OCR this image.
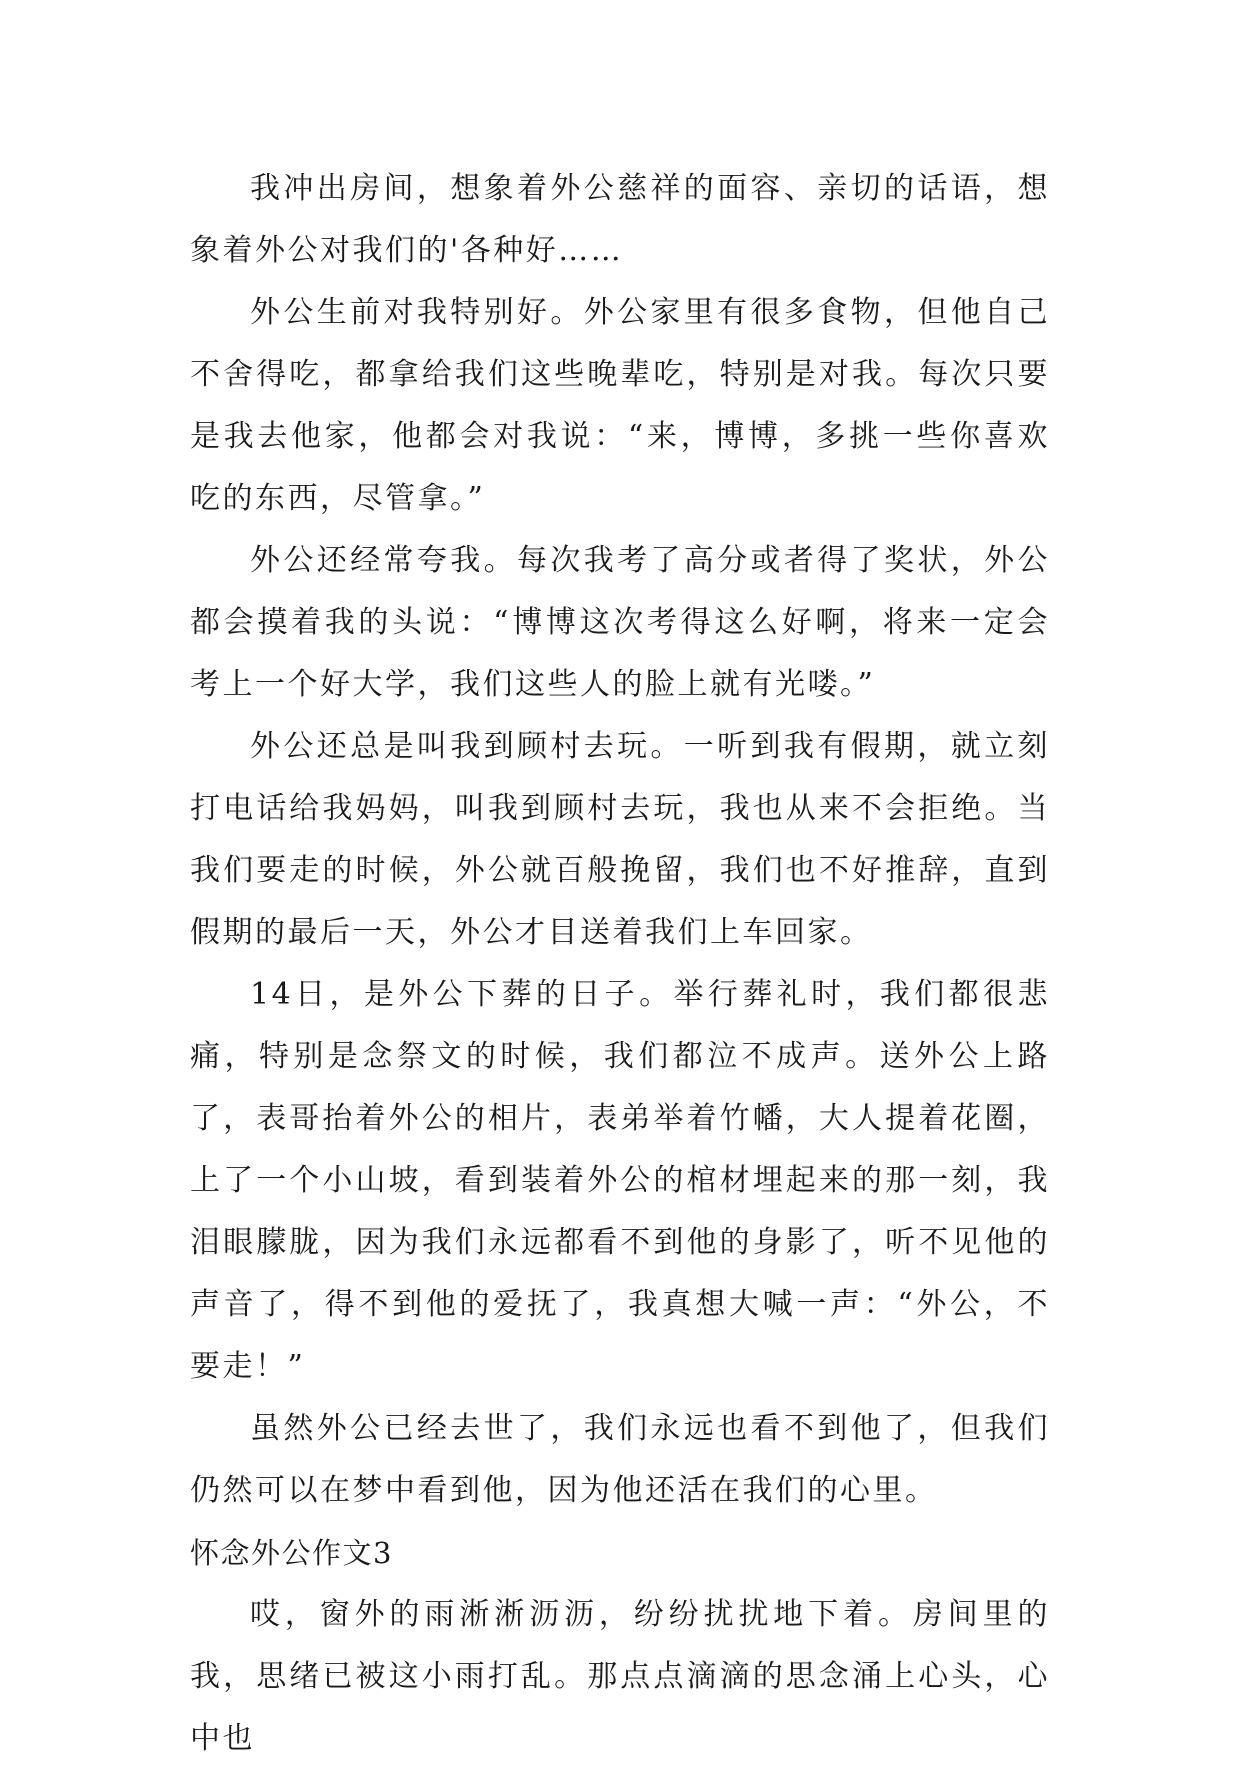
我冲出房间，想象着外公慈祥的面容、亲切的话语，想象着外公对我们的'各种好……

外公生前对我特别好。外公家里有很多食物，但他自己不舍得吃，都拿给我们这些晚辈吃，特别是对我。每次只要是我去他家，他都会对我说：“来，博博，多挑一些你喜欢吃的东西，尽管拿。”

外公还经常夸我。每次我考了高分或者得了奖状，外公都会摸着我的头说：“博博这次考得这么好啊，将来一定会考上一个好大学，我们这些人的脸上就有光喽。”

外公还总是叫我到顾村去玩。一听到我有假期，就立刻打电话给我妈妈，叫我到顾村去玩，我也从来不会拒绝。当我们要走的时候，外公就百般挽留，我们也不好推辞，直到假期的最后一天，外公才目送着我们上车回家。

14日，是外公下葬的日子。举行葬礼时，我们都很悲痛，特别是念祭文的时候，我们都泣不成声。送外公上路了，表哥抬着外公的相片，表弟举着竹幡，大人提着花圈，上了一个小山坡，看到装着外公的棺材埋起来的那一刻，我泪眼朦胧，因为我们永远都看不到他的身影了，听不见他的声音了，得不到他的爱抚了，我真想大喊一声：“外公，不要走！”

虽然外公已经去世了，我们永远也看不到他了，但我们仍然可以在梦中看到他，因为他还活在我们的心里。

怀念外公作文3

哎，窗外的雨淅淅沥沥，纷纷扰扰地下着。房间里的我，思绪已被这小雨打乱。那点点滴滴的思念涌上心头，心中也
